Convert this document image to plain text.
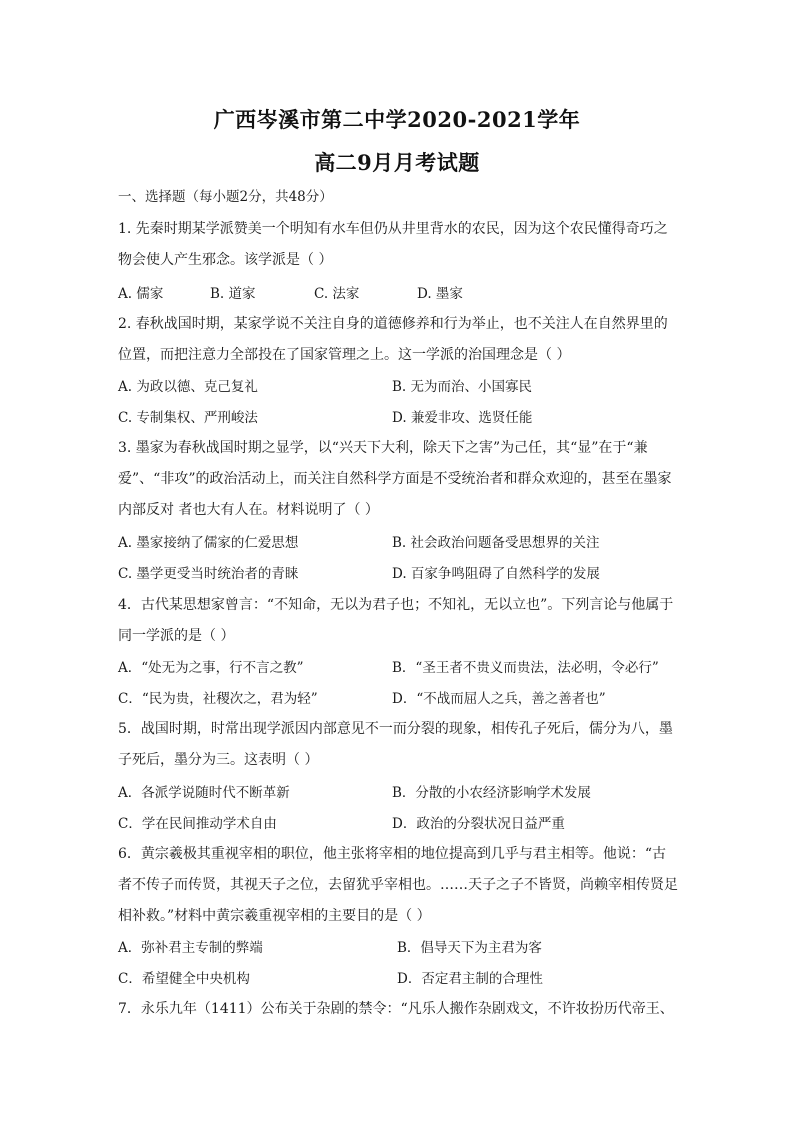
广西岑溪市第二中学2020-2021学年
高二9月月考试题
一、选择题（每小题2分，共48分）
1. 先秦时期某学派赞美一个明知有水车但仍从井里背水的农民，因为这个农民懂得奇巧之
物会使人产生邪念。该学派是（ ）
A. 儒家	B. 道家	C. 法家	D. 墨家
2. 春秋战国时期，某家学说不关注自身的道德修养和行为举止，也不关注人在自然界里的
位置，而把注意力全部投在了国家管理之上。这一学派的治国理念是（ ）
A. 为政以德、克己复礼	B. 无为而治、小国寡民
C. 专制集权、严刑峻法	D. 兼爱非攻、选贤任能
3. 墨家为春秋战国时期之显学，以“兴天下大利，除天下之害”为己任，其“显”在于“兼
爱”、“非攻”的政治活动上，而关注自然科学方面是不受统治者和群众欢迎的，甚至在墨家
内部反对 者也大有人在。材料说明了（ ）
A. 墨家接纳了儒家的仁爱思想	B. 社会政治问题备受思想界的关注
C. 墨学更受当时统治者的青睐	D. 百家争鸣阻碍了自然科学的发展
4．古代某思想家曾言：“不知命，无以为君子也；不知礼，无以立也”。下列言论与他属于
同一学派的是（ ）
A．“处无为之事，行不言之教”	B．“圣王者不贵义而贵法，法必明，令必行”
C．“民为贵，社稷次之，君为轻”	D．“不战而屈人之兵，善之善者也”
5．战国时期，时常出现学派因内部意见不一而分裂的现象，相传孔子死后，儒分为八，墨
子死后，墨分为三。这表明（ ）
A．各派学说随时代不断革新	B．分散的小农经济影响学术发展
C．学在民间推动学术自由	D．政治的分裂状况日益严重
6．黄宗羲极其重视宰相的职位，他主张将宰相的地位提高到几乎与君主相等。他说：“古
者不传子而传贤，其视天子之位，去留犹乎宰相也。……天子之子不皆贤，尚赖宰相传贤足
相补救。”材料中黄宗羲重视宰相的主要目的是（ ）
A．弥补君主专制的弊端	B．倡导天下为主君为客
C．希望健全中央机构	D．否定君主制的合理性
7．永乐九年（1411）公布关于杂剧的禁令：“凡乐人搬作杂剧戏文，不许妆扮历代帝王、
